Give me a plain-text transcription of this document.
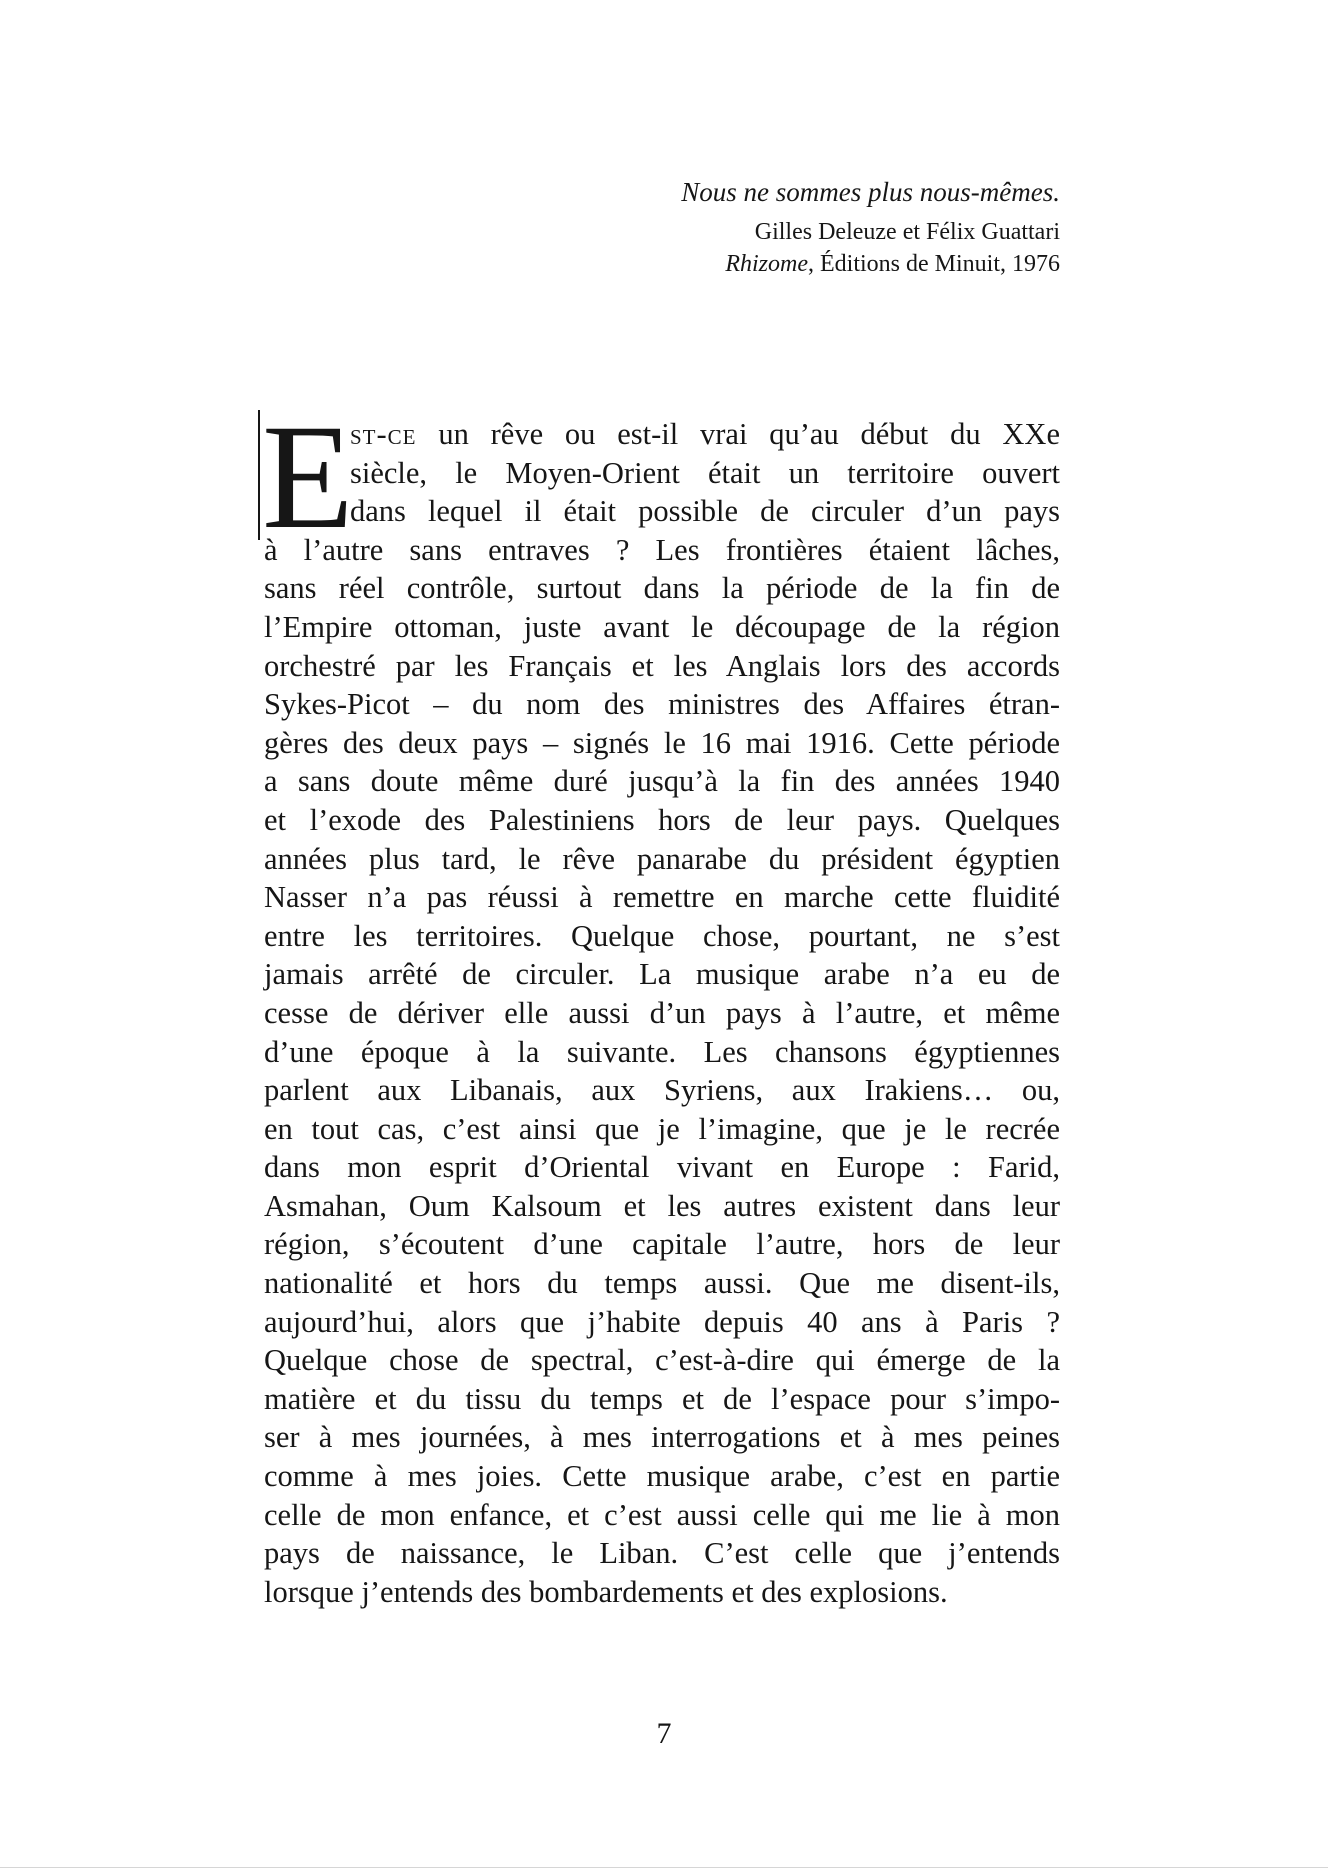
Nous ne sommes plus nous-mêmes.

Gilles Deleuze et Félix Guattari

Rhizome, Éditions de Minuit, 1976

E
st-ce un rêve ou est-il vrai qu’au début du XXe
siècle, le Moyen-Orient était un territoire ouvert
dans lequel il était possible de circuler d’un pays
à l’autre sans entraves ? Les frontières étaient lâches,
sans réel contrôle, surtout dans la période de la fin de
l’Empire ottoman, juste avant le découpage de la région
orchestré par les Français et les Anglais lors des accords
Sykes-Picot – du nom des ministres des Affaires étran-
gères des deux pays – signés le 16 mai 1916. Cette période
a sans doute même duré jusqu’à la fin des années 1940
et l’exode des Palestiniens hors de leur pays. Quelques
années plus tard, le rêve panarabe du président égyptien
Nasser n’a pas réussi à remettre en marche cette fluidité
entre les territoires. Quelque chose, pourtant, ne s’est
jamais arrêté de circuler. La musique arabe n’a eu de
cesse de dériver elle aussi d’un pays à l’autre, et même
d’une époque à la suivante. Les chansons égyptiennes
parlent aux Libanais, aux Syriens, aux Irakiens… ou,
en tout cas, c’est ainsi que je l’imagine, que je le recrée
dans mon esprit d’Oriental vivant en Europe : Farid,
Asmahan, Oum Kalsoum et les autres existent dans leur
région, s’écoutent d’une capitale l’autre, hors de leur
nationalité et hors du temps aussi. Que me disent-ils,
aujourd’hui, alors que j’habite depuis 40 ans à Paris ?
Quelque chose de spectral, c’est-à-dire qui émerge de la
matière et du tissu du temps et de l’espace pour s’impo-
ser à mes journées, à mes interrogations et à mes peines
comme à mes joies. Cette musique arabe, c’est en partie
celle de mon enfance, et c’est aussi celle qui me lie à mon
pays de naissance, le Liban. C’est celle que j’entends
lorsque j’entends des bombardements et des explosions.
7
